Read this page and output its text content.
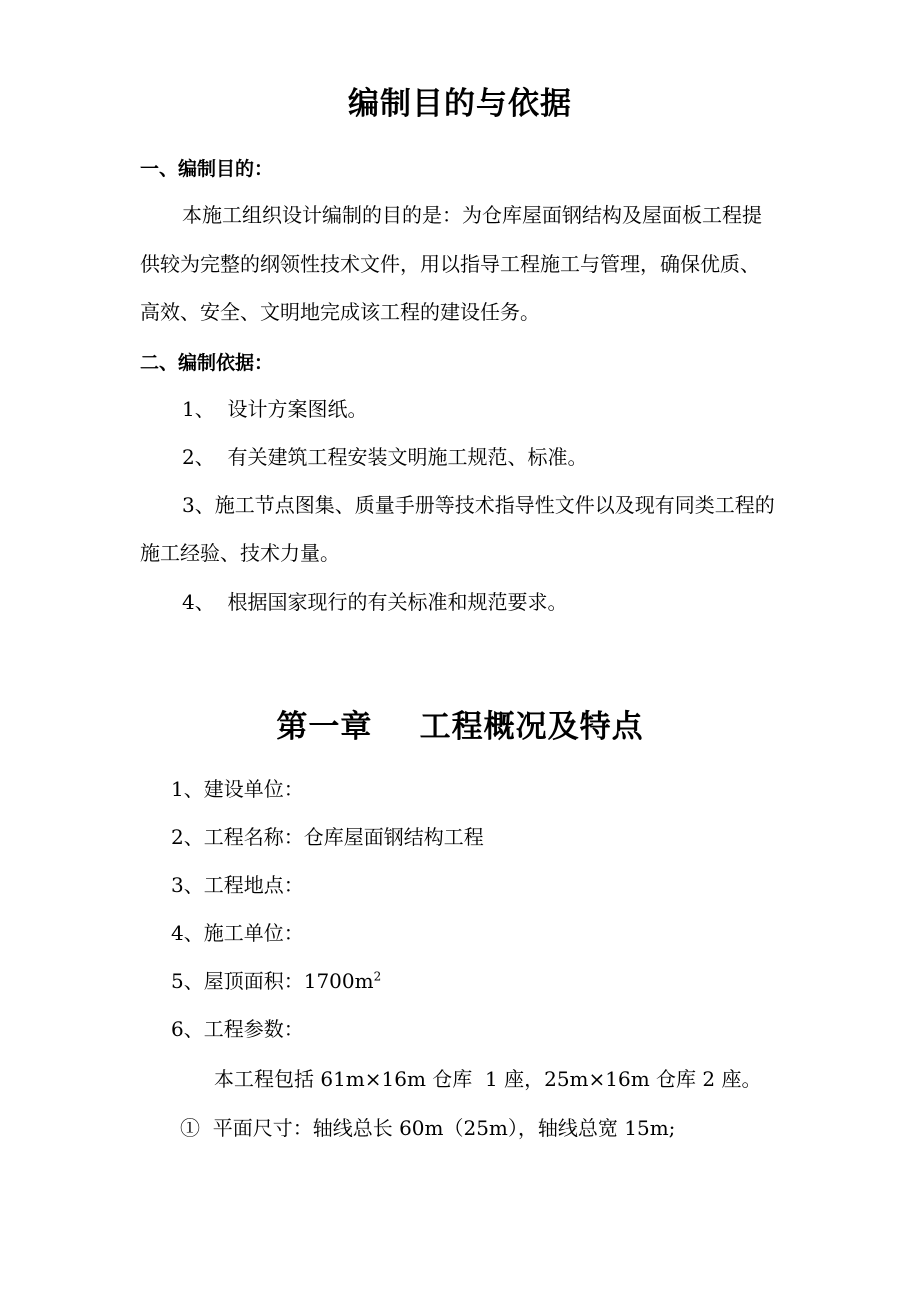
编制目的与依据
一、编制目的：
本施工组织设计编制的目的是：为仓库屋面钢结构及屋面板工程提
供较为完整的纲领性技术文件，用以指导工程施工与管理，确保优质、
高效、安全、文明地完成该工程的建设任务。
二、编制依据：
1、  设计方案图纸。
2、  有关建筑工程安装文明施工规范、标准。
3、施工节点图集、质量手册等技术指导性文件以及现有同类工程的
施工经验、技术力量。
4、  根据国家现行的有关标准和规范要求。
第一章    工程概况及特点
1、建设单位：
2、工程名称：仓库屋面钢结构工程
3、工程地点：
4、施工单位：
5、屋顶面积：$1700m^2$
6、工程参数：
本工程包括 61m×16m 仓库  1 座，25m×16m 仓库 2 座。
①  平面尺寸：轴线总长 60m（25m），轴线总宽 15m;
